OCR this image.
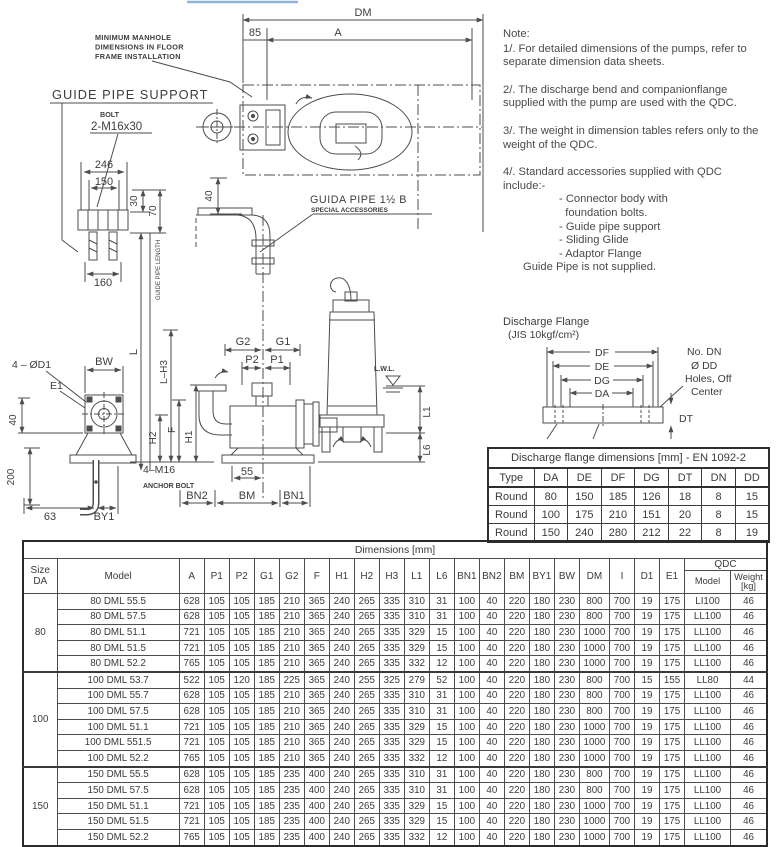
MINIMUM MANHOLE
DIMENSIONS IN FLOOR
FRAME INSTALLATION
GUIDE PIPE SUPPORT
BOLT
2-M16x30
246
150
160
DM
85	A
BW
63	BY1
G2 G1
P2 P1
55
BN2	BM	BN1
4 – ØD1
E1
4–M16
ANCHOR BOLT
GUIDA PIPE 1½ B
SPECIAL ACCESSORIES
L.W.L.
30
70
40
L
GUIDE PIPE LENGTH
L–H3
H2
F
H1
40
200
L1
L6

Note:

1/. For detailed dimensions of the pumps, refer to separate dimension data sheets.

2/. The discharge bend and companionflange supplied with the pump are used with the QDC.

3/. The weight in dimension tables refers only to the weight of the QDC.

4/. Standard accessories supplied with QDC include:-

- Connector body with
foundation bolts.
- Guide pipe support
- Sliding Glide
- Adaptor Flange
Guide Pipe is not supplied.
Discharge Flange
(JIS 10kgf/cm²)
DF
DE
DG
DA
No. DN
Ø DD
Holes, Off
Center
DT
Discharge flange dimensions [mm] - EN 1092-2							
Type	DA	DE	DF	DG	DT	DN	DD
Round	80	150	185	126	18	8	15
Round	100	175	210	151	20	8	15
Round	150	240	280	212	22	8	19
Dimensions [mm]																							
Size DA	Model	A	P1	P2	G1	G2	F	H1	H2	H3	L1	L6	BN1	BN2	BM	BY1	BW	DM	I	D1	E1	QDC	
																						Model	Weight [kg]
80	80 DML 55.5	628	105	105	185	210	365	240	265	335	310	31	100	40	220	180	230	800	700	19	175	LI100	46
	80 DML 57.5	628	105	105	185	210	365	240	265	335	310	31	100	40	220	180	230	800	700	19	175	LL100	46
	80 DML 51.1	721	105	105	185	210	365	240	265	335	329	15	100	40	220	180	230	1000	700	19	175	LL100	46
	80 DML 51.5	721	105	105	185	210	365	240	265	335	329	15	100	40	220	180	230	1000	700	19	175	LL100	46
	80 DML 52.2	765	105	105	185	210	365	240	265	335	332	12	100	40	220	180	230	1000	700	19	175	LL100	46
100	100 DML 53.7	522	105	120	185	225	365	240	255	325	279	52	100	40	220	180	230	800	700	15	155	LL80	44
	100 DML 55.7	628	105	105	185	210	365	240	265	335	310	31	100	40	220	180	230	800	700	19	175	LL100	46
	100 DML 57.5	628	105	105	185	210	365	240	265	335	310	31	100	40	220	180	230	800	700	19	175	LL100	46
	100 DML 51.1	721	105	105	185	210	365	240	265	335	329	15	100	40	220	180	230	1000	700	19	175	LL100	46
	100 DML 551.5	721	105	105	185	210	365	240	265	335	329	15	100	40	220	180	230	1000	700	19	175	LL100	46
	100 DML 52.2	765	105	105	185	210	365	240	265	335	332	12	100	40	220	180	230	1000	700	19	175	LL100	46
150	150 DML 55.5	628	105	105	185	235	400	240	265	335	310	31	100	40	220	180	230	800	700	19	175	LL100	46
	150 DML 57.5	628	105	105	185	235	400	240	265	335	310	31	100	40	220	180	230	800	700	19	175	LL100	46
	150 DML 51.1	721	105	105	185	235	400	240	265	335	329	15	100	40	220	180	230	1000	700	19	175	LL100	46
	150 DML 51.5	721	105	105	185	235	400	240	265	335	329	15	100	40	220	180	230	1000	700	19	175	LL100	46
	150 DML 52.2	765	105	105	185	235	400	240	265	335	332	12	100	40	220	180	230	1000	700	19	175	LL100	46
